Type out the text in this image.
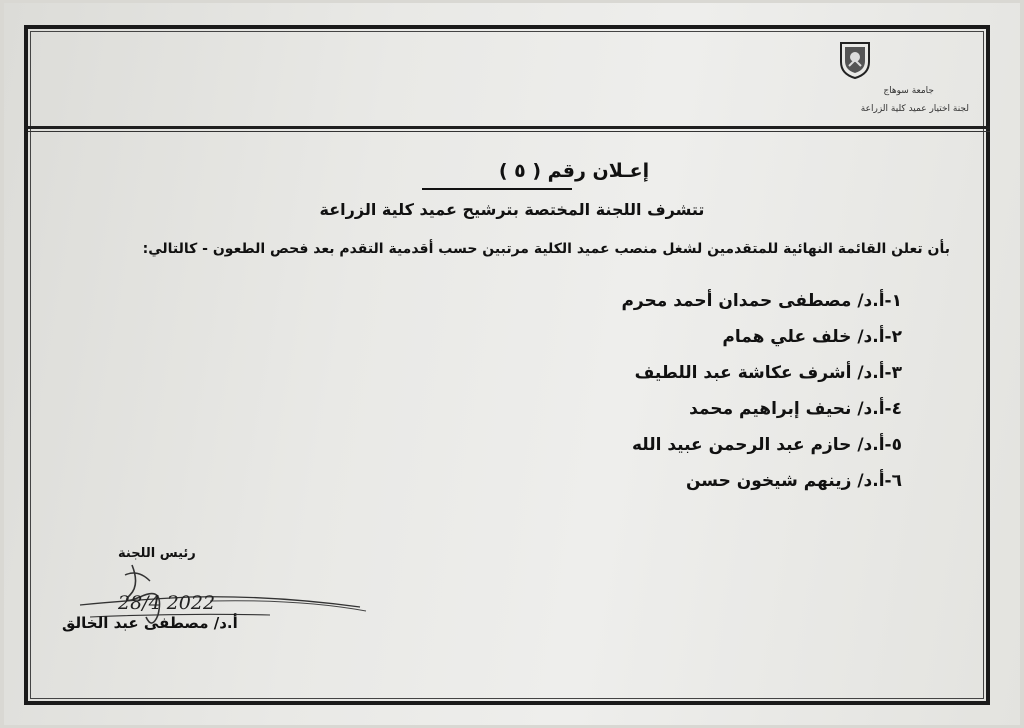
جامعة سوهاج
لجنة اختيار عميد كلية الزراعة
إعـلان رقم ( ٥ )
تتشرف اللجنة المختصة بترشيح عميد كلية الزراعة
بأن تعلن القائمة النهائية للمتقدمين لشغل منصب عميد الكلية مرتبين حسب أقدمية التقدم بعد فحص الطعون - كالتالي:
١-أ.د/ مصطفى حمدان أحمد محرم
٢-أ.د/ خلف علي همام
٣-أ.د/ أشرف عكاشة عبد اللطيف
٤-أ.د/ نحيف إبراهيم محمد
٥-أ.د/ حازم عبد الرحمن عبيد الله
٦-أ.د/ زينهم شيخون حسن
رئيس اللجنة
28/4 2022
أ.د/ مصطفى عبد الخالق
